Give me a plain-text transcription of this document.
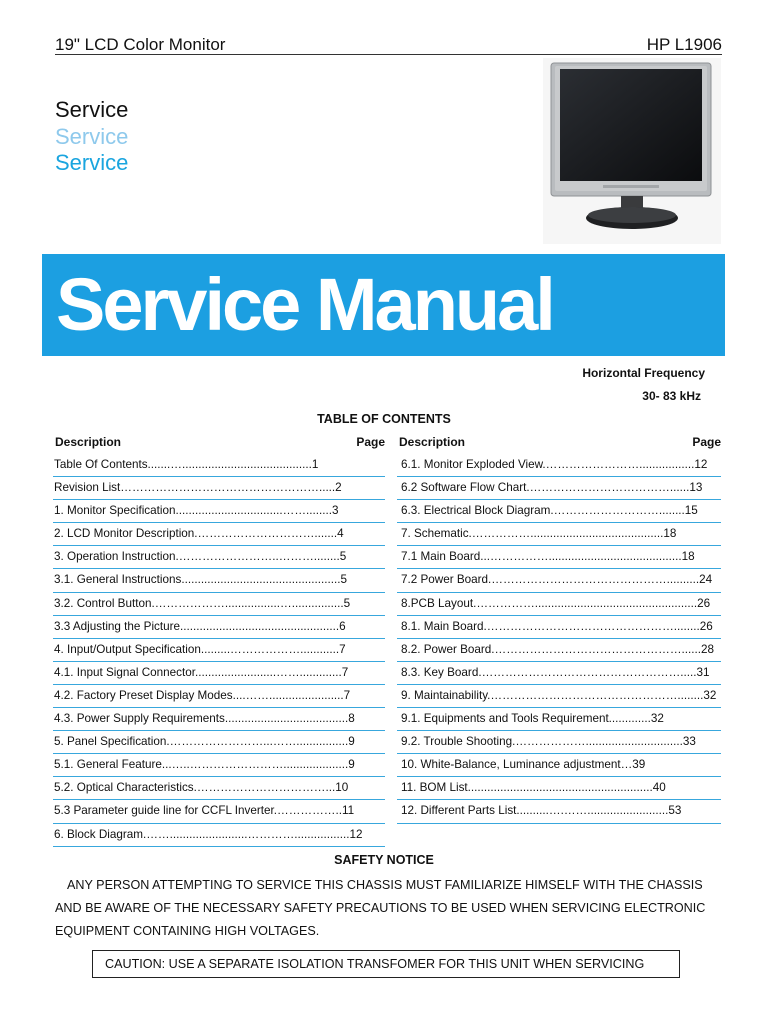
19" LCD Color Monitor	HP L1906
Service
Service
Service
Service Manual
Horizontal Frequency
30- 83 kHz
TABLE OF CONTENTS
Description	Page
Table Of Contents.......…........................................1
Revision List…………………………………………….....2
1. Monitor Specification.................................……........3
2. LCD Monitor Description.………………………….......4
3. Operation Instruction.……………………..………........5
3.1. General Instructions.................................................5
3.2. Control Button.……………….................…................5
3.3 Adjusting the Picture.................................................6
4. Input/Output Specification.........………………............7
4.1. Input Signal Connector.........................…….............7
4.2. Factory Preset Display Modes....…….......................7
4.3. Power Supply Requirements......................................8
5. Panel Specification.……………………...……................9
5.1. General Feature...…..……………………....................9
5.2. Optical Characteristics.……………………………...10
5.3 Parameter guide line for CCFL Inverter.……………..11
6. Block Diagram.……........................………….................12
Description	Page
6.1. Monitor Exploded View.…………………….................12
6.2 Software Flow Chart.………………………………......13
6.3. Electrical Block Diagram.………………………........15
7. Schematic.…………….........................................18
7.1 Main Board...…………….........................................18
7.2 Power Board.………………………………………..........24
8.PCB Layout.……………..................................................26
8.1. Main Board.…………………………………………........26
8.2. Power Board.…………………………………………......28
8.3. Key Board.…………………………………………….....31
9. Maintainability.…………………………………………........32
9.1. Equipments and Tools Requirement.............32
9.2. Trouble Shooting.………………..............................33
10. White-Balance, Luminance adjustment…39
11. BOM List.........................................................40
12. Different Parts List..........….…….........................53
SAFETY NOTICE
ANY PERSON ATTEMPTING TO SERVICE THIS CHASSIS MUST FAMILIARIZE HIMSELF WITH THE CHASSIS
AND BE AWARE OF THE NECESSARY SAFETY PRECAUTIONS TO BE USED WHEN SERVICING ELECTRONIC
EQUIPMENT CONTAINING HIGH VOLTAGES.
CAUTION: USE A SEPARATE ISOLATION TRANSFOMER FOR THIS UNIT WHEN SERVICING
